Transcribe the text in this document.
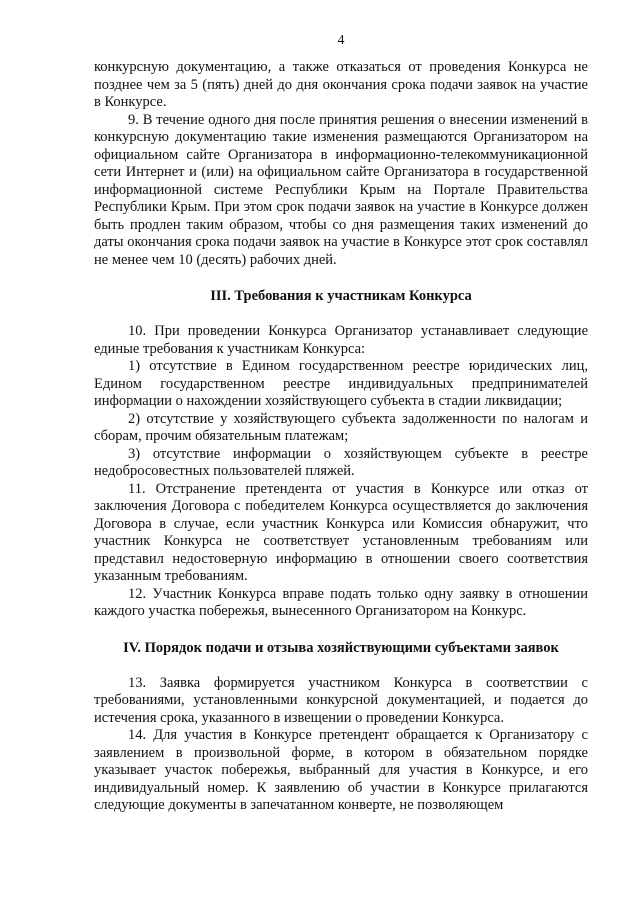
4

конкурсную документацию, а также отказаться от проведения Конкурса не позднее чем за 5 (пять) дней до дня окончания срока подачи заявок на участие в Конкурсе.

9. В течение одного дня после принятия решения о внесении изменений в конкурсную документацию такие изменения размещаются Организатором на официальном сайте Организатора в информационно-телекоммуникационной сети Интернет и (или) на официальном сайте Организатора в государственной информационной системе Республики Крым на Портале Правительства Республики Крым. При этом срок подачи заявок на участие в Конкурсе должен быть продлен таким образом, чтобы со дня размещения таких изменений до даты окончания срока подачи заявок на участие в Конкурсе этот срок составлял не менее чем 10 (десять) рабочих дней.

III. Требования к участникам Конкурса

10. При проведении Конкурса Организатор устанавливает следующие единые требования к участникам Конкурса:

1) отсутствие в Едином государственном реестре юридических лиц, Едином государственном реестре индивидуальных предпринимателей информации о нахождении хозяйствующего субъекта в стадии ликвидации;

2) отсутствие у хозяйствующего субъекта задолженности по налогам и сборам, прочим обязательным платежам;

3) отсутствие информации о хозяйствующем субъекте в реестре недобросовестных пользователей пляжей.

11. Отстранение претендента от участия в Конкурсе или отказ от заключения Договора с победителем Конкурса осуществляется до заключения Договора в случае, если участник Конкурса или Комиссия обнаружит, что участник Конкурса не соответствует установленным требованиям или представил недостоверную информацию в отношении своего соответствия указанным требованиям.

12. Участник Конкурса вправе подать только одну заявку в отношении каждого участка побережья, вынесенного Организатором на Конкурс.

IV. Порядок подачи и отзыва хозяйствующими субъектами заявок

13. Заявка формируется участником Конкурса в соответствии с требованиями, установленными конкурсной документацией, и подается до истечения срока, указанного в извещении о проведении Конкурса.

14. Для участия в Конкурсе претендент обращается к Организатору с заявлением в произвольной форме, в котором в обязательном порядке указывает участок побережья, выбранный для участия в Конкурсе, и его индивидуальный номер. К заявлению об участии в Конкурсе прилагаются следующие документы в запечатанном конверте, не позволяющем
